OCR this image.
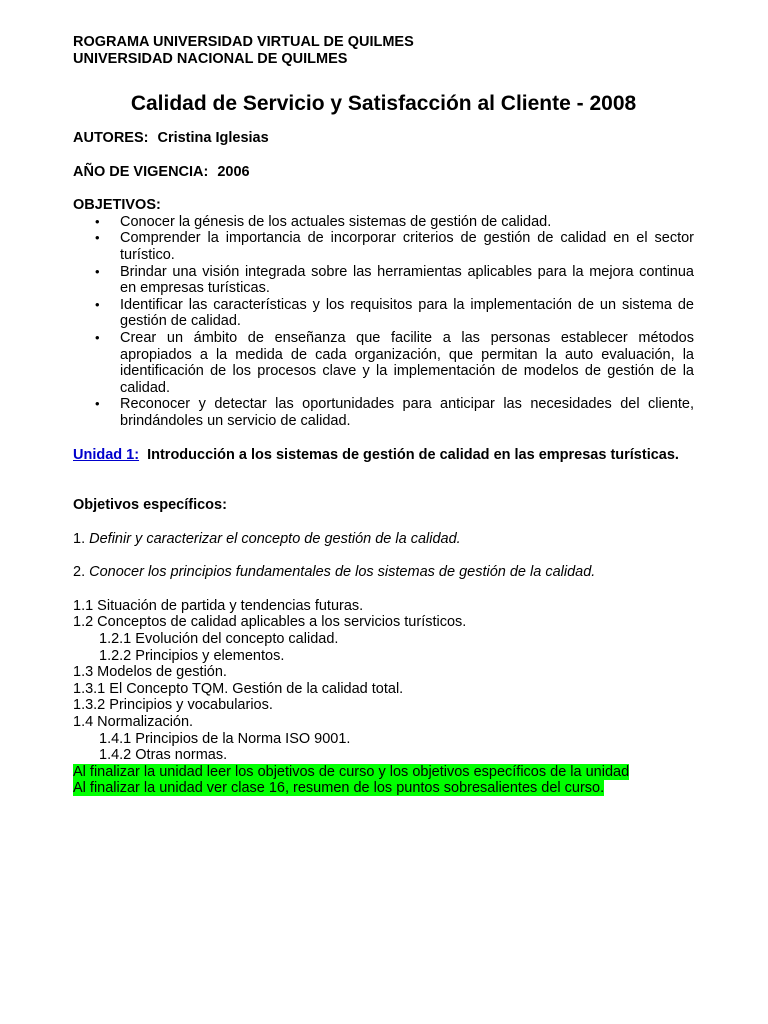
ROGRAMA UNIVERSIDAD VIRTUAL DE QUILMES
UNIVERSIDAD NACIONAL DE QUILMES
Calidad de Servicio y Satisfacción al Cliente - 2008
AUTORES: Cristina Iglesias
AÑO DE VIGENCIA: 2006
OBJETIVOS:
• Conocer la génesis de los actuales sistemas de gestión de calidad.
• Comprender la importancia de incorporar criterios de gestión de calidad en el sector turístico.
• Brindar una visión integrada sobre las herramientas aplicables para la mejora continua en empresas turísticas.
• Identificar las características y los requisitos para la implementación de un sistema de gestión de calidad.
• Crear un ámbito de enseñanza que facilite a las personas establecer métodos apropiados a la medida de cada organización, que permitan la auto evaluación, la identificación de los procesos clave y la implementación de modelos de gestión de la calidad.
• Reconocer y detectar las oportunidades para anticipar las necesidades del cliente, brindándoles un servicio de calidad.
Unidad 1: Introducción a los sistemas de gestión de calidad en las empresas turísticas.
Objetivos específicos:
1. Definir y caracterizar el concepto de gestión de la calidad.
2. Conocer los principios fundamentales de los sistemas de gestión de la calidad.
1.1 Situación de partida y tendencias futuras.
1.2 Conceptos de calidad aplicables a los servicios turísticos.
1.2.1 Evolución del concepto calidad.
1.2.2 Principios y elementos.
1.3 Modelos de gestión.
1.3.1 El Concepto TQM. Gestión de la calidad total.
1.3.2 Principios y vocabularios.
1.4 Normalización.
1.4.1 Principios de la Norma ISO 9001.
1.4.2 Otras normas.
Al finalizar la unidad leer los objetivos de curso y los objetivos específicos de la unidad
Al finalizar la unidad ver clase 16, resumen de los puntos sobresalientes del curso.
